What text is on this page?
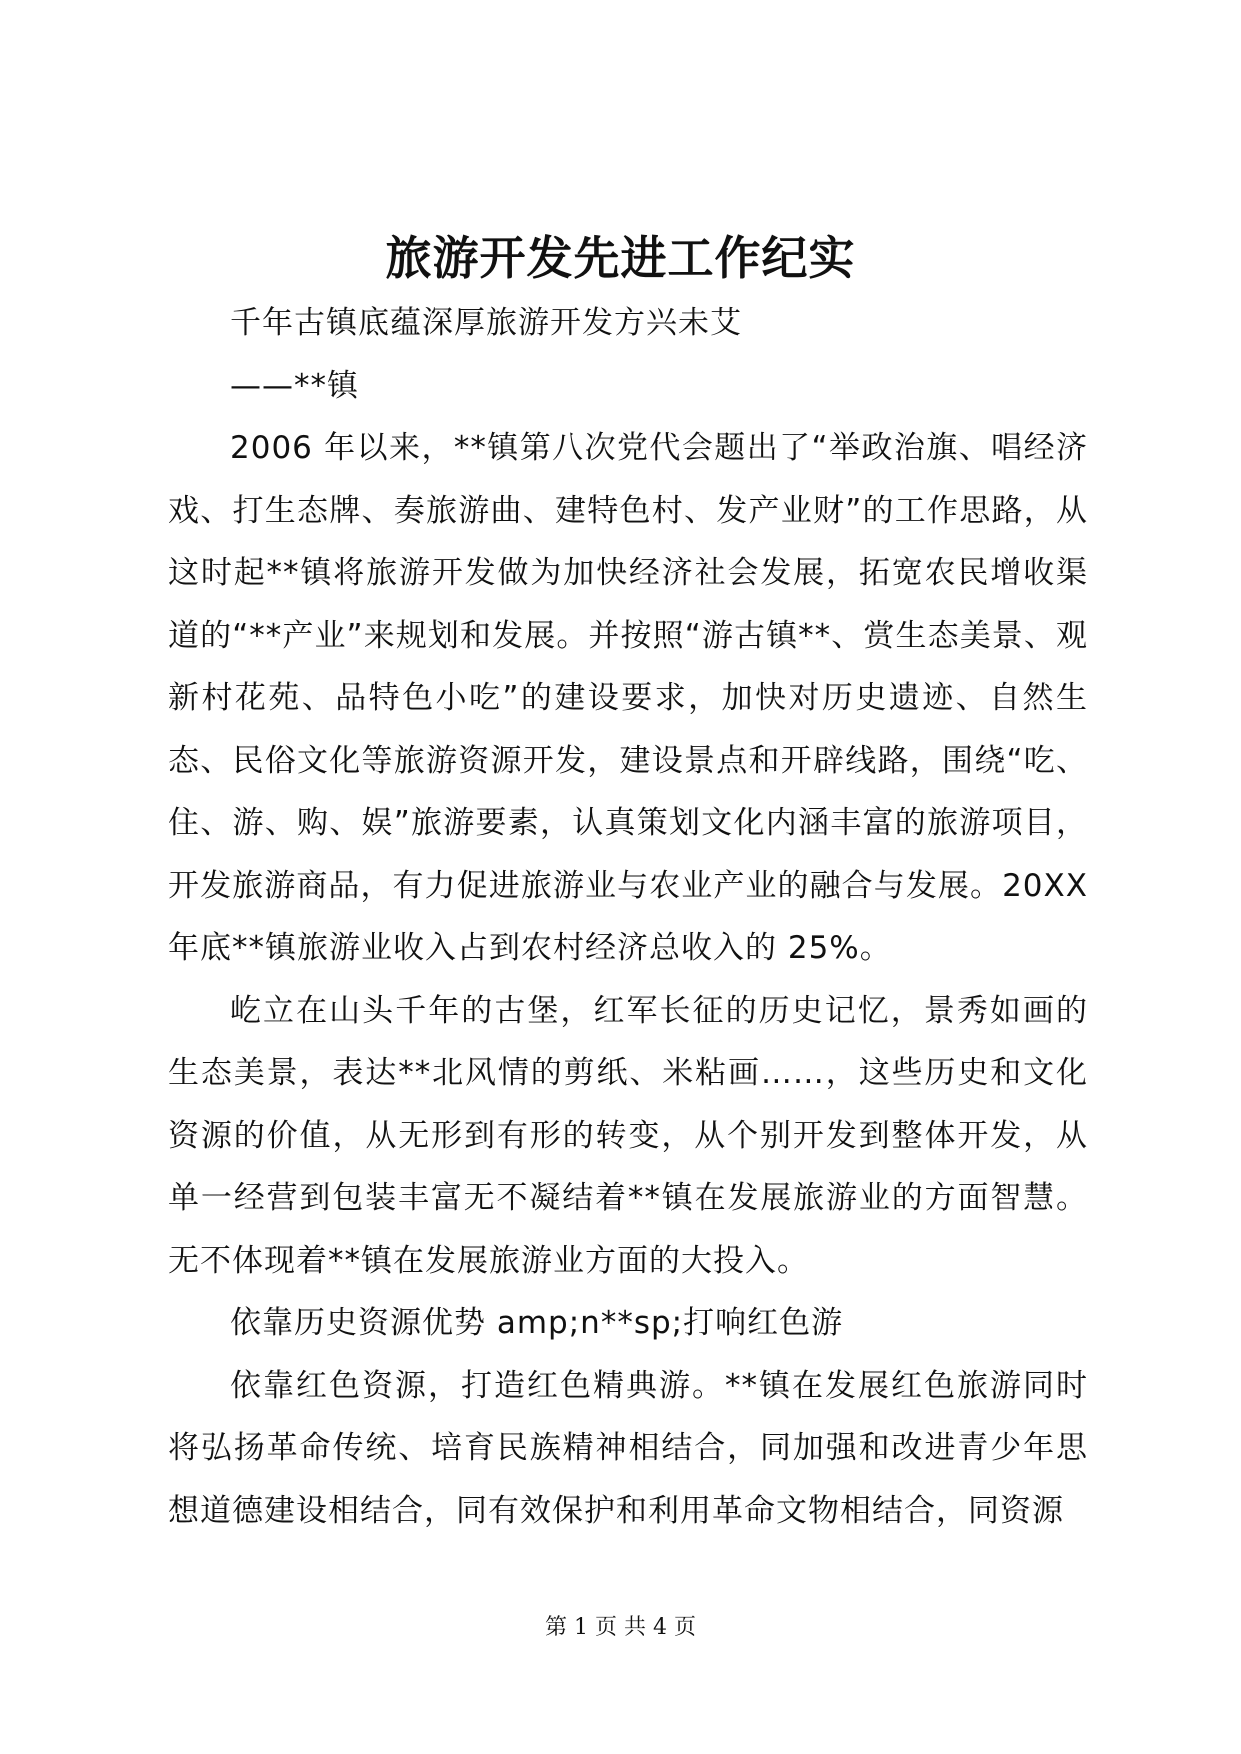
旅游开发先进工作纪实

千年古镇底蕴深厚旅游开发方兴未艾

——**镇

2006 年以来，**镇第八次党代会题出了“举政治旗、唱经济戏、打生态牌、奏旅游曲、建特色村、发产业财”的工作思路，从这时起**镇将旅游开发做为加快经济社会发展，拓宽农民增收渠道的“**产业”来规划和发展。并按照“游古镇**、赏生态美景、观新村花苑、品特色小吃”的建设要求，加快对历史遗迹、自然生态、民俗文化等旅游资源开发，建设景点和开辟线路，围绕“吃、住、游、购、娱”旅游要素，认真策划文化内涵丰富的旅游项目，开发旅游商品，有力促进旅游业与农业产业的融合与发展。20XX 年底**镇旅游业收入占到农村经济总收入的 25%。

屹立在山头千年的古堡，红军长征的历史记忆，景秀如画的生态美景，表达**北风情的剪纸、米粘画……，这些历史和文化资源的价值，从无形到有形的转变，从个别开发到整体开发，从单一经营到包装丰富无不凝结着**镇在发展旅游业的方面智慧。无不体现着**镇在发展旅游业方面的大投入。

依靠历史资源优势 amp;n**sp;打响红色游

依靠红色资源，打造红色精典游。**镇在发展红色旅游同时将弘扬革命传统、培育民族精神相结合，同加强和改进青少年思想道德建设相结合，同有效保护和利用革命文物相结合，同资源

第 1 页 共 4 页
